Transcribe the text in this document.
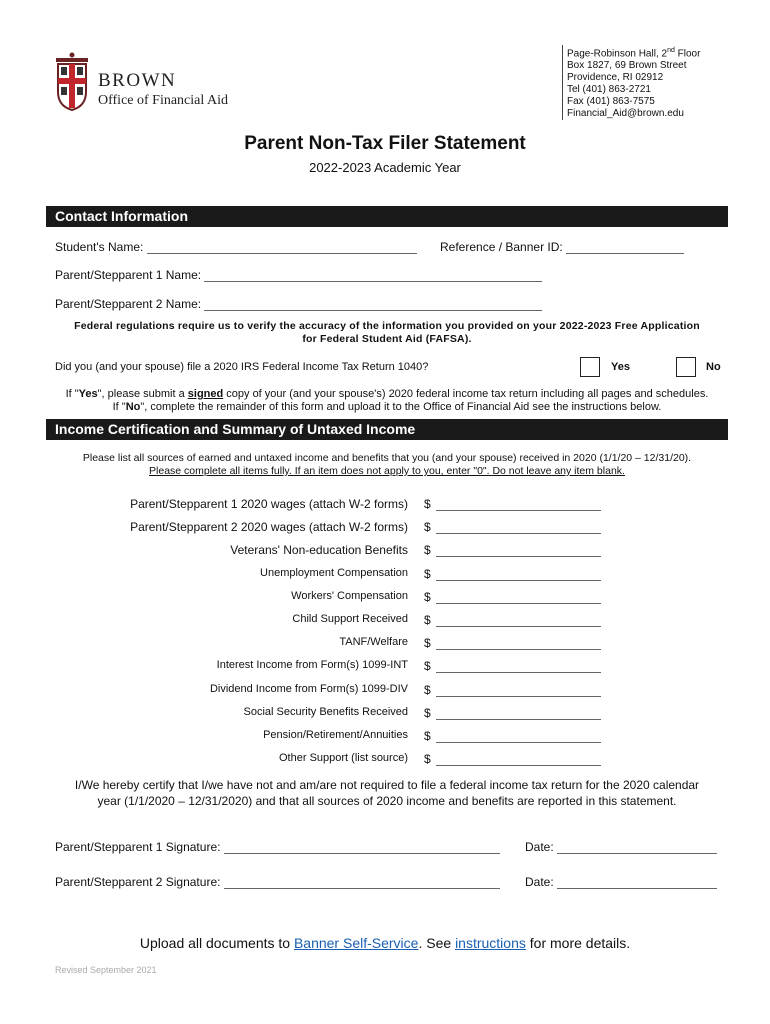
BROWN
Office of Financial Aid
Page-Robinson Hall, 2nd Floor
Box 1827, 69 Brown Street
Providence, RI 02912
Tel (401) 863-2721
Fax (401) 863-7575
Financial_Aid@brown.edu
Parent Non-Tax Filer Statement
2022-2023 Academic Year
Contact Information
Student's Name:	Reference / Banner ID:
Parent/Stepparent 1 Name:
Parent/Stepparent 2 Name:
Federal regulations require us to verify the accuracy of the information you provided on your 2022-2023 Free Application
for Federal Student Aid (FAFSA).
Did you (and your spouse) file a 2020 IRS Federal Income Tax Return 1040?	Yes	No
If "Yes", please submit a signed copy of your (and your spouse's) 2020 federal income tax return including all pages and schedules.
If "No", complete the remainder of this form and upload it to the Office of Financial Aid see the instructions below.
Income Certification and Summary of Untaxed Income
Please list all sources of earned and untaxed income and benefits that you (and your spouse) received in 2020 (1/1/20 – 12/31/20).
Please complete all items fully. If an item does not apply to you, enter "0". Do not leave any item blank.
Parent/Stepparent 1 2020 wages (attach W-2 forms) $
Parent/Stepparent 2 2020 wages (attach W-2 forms) $
Veterans' Non-education Benefits $
Unemployment Compensation $
Workers' Compensation $
Child Support Received $
TANF/Welfare $
Interest Income from Form(s) 1099-INT $
Dividend Income from Form(s) 1099-DIV $
Social Security Benefits Received $
Pension/Retirement/Annuities $
Other Support (list source) $
I/We hereby certify that I/we have not and am/are not required to file a federal income tax return for the 2020 calendar
year (1/1/2020 – 12/31/2020) and that all sources of 2020 income and benefits are reported in this statement.
Parent/Stepparent 1 Signature:	Date:
Parent/Stepparent 2 Signature:	Date:
Upload all documents to Banner Self-Service. See instructions for more details.
Revised September 2021
